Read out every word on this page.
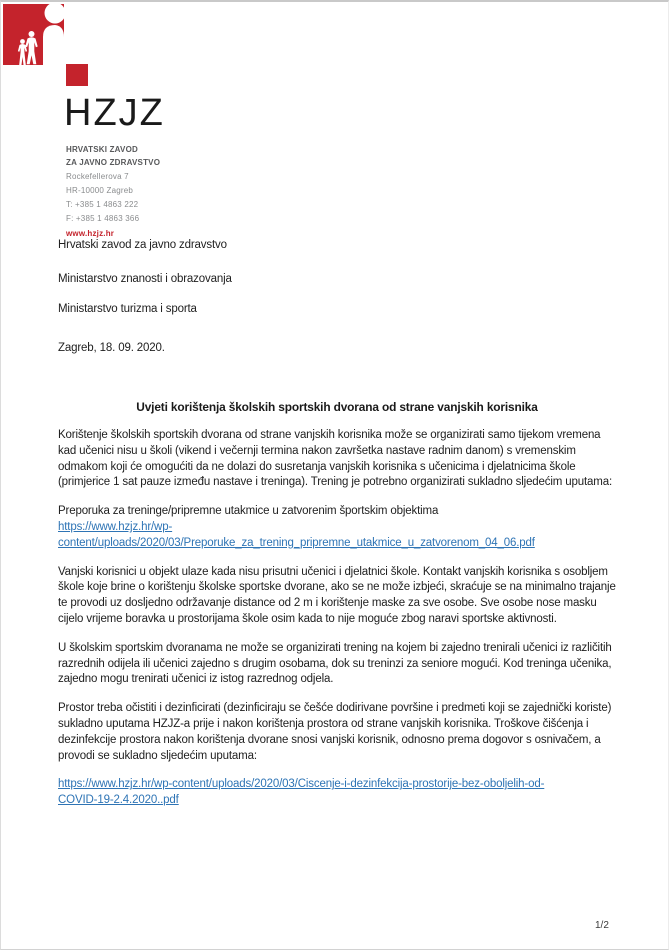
HZJZ
HRVATSKI ZAVOD
ZA JAVNO ZDRAVSTVO
Rockefellerova 7
HR-10000 Zagreb
T: +385 1 4863 222
F: +385 1 4863 366
www.hzjz.hr
Hrvatski zavod za javno zdravstvo
Ministarstvo znanosti i obrazovanja
Ministarstvo turizma i sporta
Zagreb, 18. 09. 2020.
Uvjeti korištenja školskih sportskih dvorana od strane vanjskih korisnika

Korištenje školskih sportskih dvorana od strane vanjskih korisnika može se organizirati samo tijekom vremena kad učenici nisu u školi (vikend i večernji termina nakon završetka nastave radnim danom) s vremenskim odmakom koji će omogućiti da ne dolazi do susretanja vanjskih korisnika s učenicima i djelatnicima škole (primjerice 1 sat pauze između nastave i treninga). Trening je potrebno organizirati sukladno sljedećim uputama:

Preporuka za treninge/pripremne utakmice u zatvorenim športskim objektima
https://www.hzjz.hr/wp-
content/uploads/2020/03/Preporuke_za_trening_pripremne_utakmice_u_zatvorenom_04_06.pdf

Vanjski korisnici u objekt ulaze kada nisu prisutni učenici i djelatnici škole. Kontakt vanjskih korisnika s osobljem škole koje brine o korištenju školske sportske dvorane, ako se ne može izbjeći, skraćuje se na minimalno trajanje te provodi uz dosljedno održavanje distance od 2 m i korištenje maske za sve osobe. Sve osobe nose masku cijelo vrijeme boravka u prostorijama škole osim kada to nije moguće zbog naravi sportske aktivnosti.

U školskim sportskim dvoranama ne može se organizirati trening na kojem bi zajedno trenirali učenici iz različitih razrednih odijela ili učenici zajedno s drugim osobama, dok su treninzi za seniore mogući. Kod treninga učenika, zajedno mogu trenirati učenici iz istog razrednog odjela.

Prostor treba očistiti i dezinficirati (dezinficiraju se češće dodirivane površine i predmeti koji se zajednički koriste) sukladno uputama HZJZ-a prije i nakon korištenja prostora od strane vanjskih korisnika. Troškove čišćenja i dezinfekcije prostora nakon korištenja dvorane snosi vanjski korisnik, odnosno prema dogovor s osnivačem, a provodi se sukladno sljedećim uputama:

https://www.hzjz.hr/wp-content/uploads/2020/03/Ciscenje-i-dezinfekcija-prostorije-bez-oboljelih-od-
COVID-19-2.4.2020..pdf
1/2
